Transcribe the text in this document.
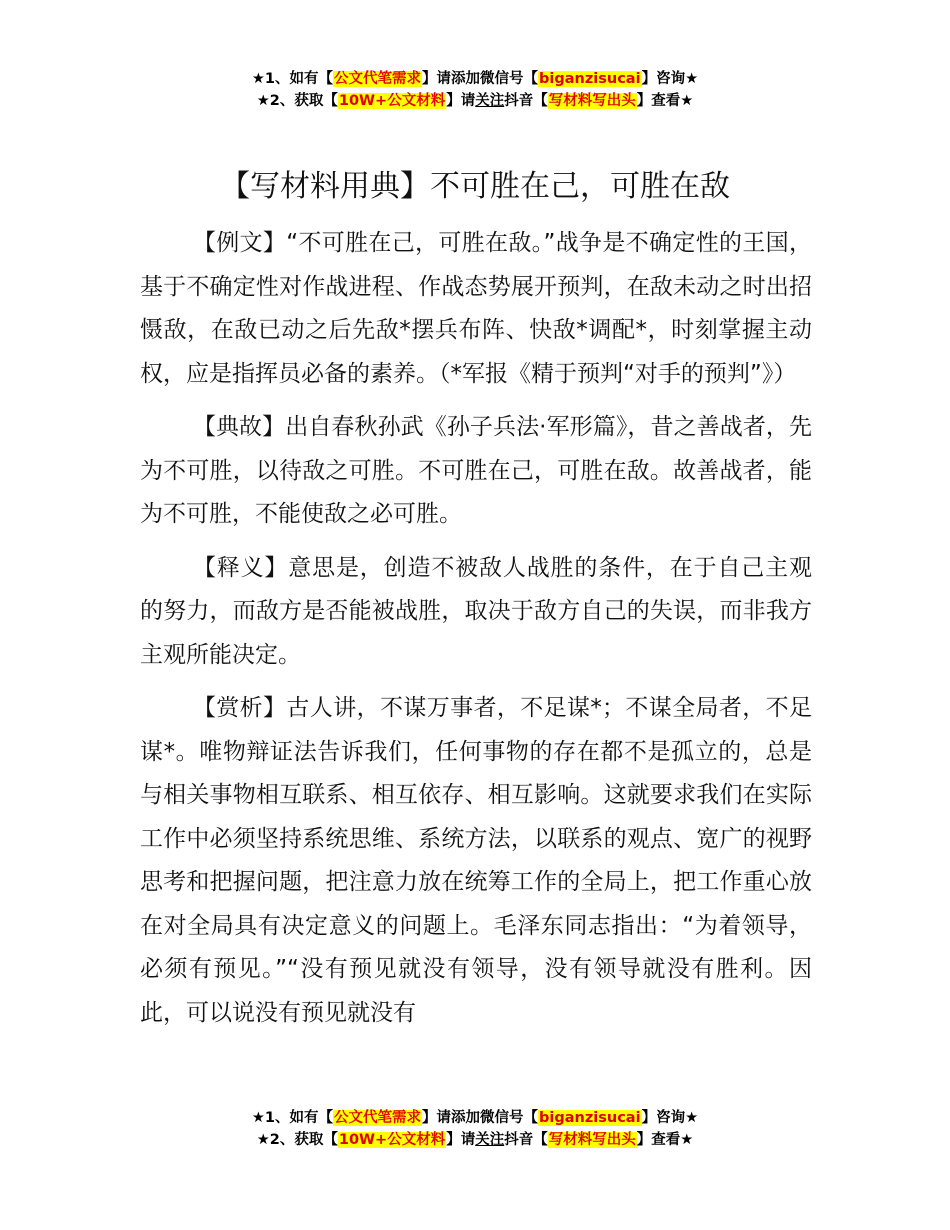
★1、如有【公文代笔需求】请添加微信号【biganzisucai】咨询★
★2、获取【10W+公文材料】请关注抖音【写材料写出头】查看★
【写材料用典】不可胜在己，可胜在敌

【例文】“不可胜在己，可胜在敌。”战争是不确定性的王国，基于不确定性对作战进程、作战态势展开预判，在敌未动之时出招慑敌，在敌已动之后先敌*摆兵布阵、快敌*调配*，时刻掌握主动权，应是指挥员必备的素养。（*军报《精于预判“对手的预判”》）

【典故】出自春秋孙武《孙子兵法·军形篇》，昔之善战者，先为不可胜，以待敌之可胜。不可胜在己，可胜在敌。故善战者，能为不可胜，不能使敌之必可胜。

【释义】意思是，创造不被敌人战胜的条件，在于自己主观的努力，而敌方是否能被战胜，取决于敌方自己的失误，而非我方主观所能决定。

【赏析】古人讲，不谋万事者，不足谋*；不谋全局者，不足谋*。唯物辩证法告诉我们，任何事物的存在都不是孤立的，总是与相关事物相互联系、相互依存、相互影响。这就要求我们在实际工作中必须坚持系统思维、系统方法，以联系的观点、宽广的视野思考和把握问题，把注意力放在统筹工作的全局上，把工作重心放在对全局具有决定意义的问题上。毛泽东同志指出：“为着领导，必须有预见。”“没有预见就没有领导，没有领导就没有胜利。因此，可以说没有预见就没有

★1、如有【公文代笔需求】请添加微信号【biganzisucai】咨询★
★2、获取【10W+公文材料】请关注抖音【写材料写出头】查看★
